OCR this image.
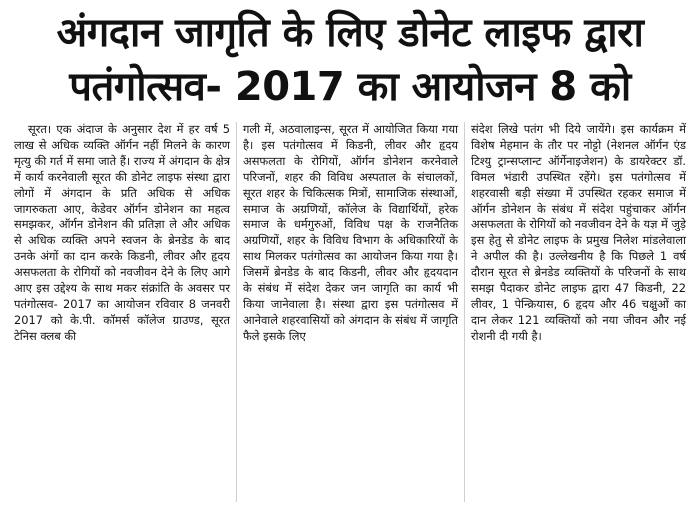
अंगदान जागृति के लिए डोनेट लाइफ द्वारा
पतंगोत्सव- 2017 का आयोजन 8 को

सूरत। एक अंदाज के अनुसार देश में हर वर्ष 5 लाख से अधिक व्यक्ति ऑर्गन नहीं मिलने के कारण मृत्यु की गर्त में समा जाते हैं। राज्य में अंगदान के क्षेत्र में कार्य करनेवाली सूरत की डोनेट लाइफ संस्था द्वारा लोगों में अंगदान के प्रति अधिक से अधिक जागरुकता आए, केडेवर ऑर्गन डोनेशन का महत्व समझकर, ऑर्गन डोनेशन की प्रतिज्ञा ले और अधिक से अधिक व्यक्ति अपने स्वजन के ब्रेनडेड के बाद उनके अंगों का दान करके किडनी, लीवर और हृदय असफलता के रोगियों को नवजीवन देने के लिए आगे आए इस उद्देश्य के साथ मकर संक्रांति के अवसर पर पतंगोत्सव- 2017 का आयोजन रविवार 8 जनवरी 2017 को के.पी. कॉमर्स कॉलेज ग्राउण्ड, सूरत टेनिस क्लब की

गली में, अठवालाइन्स, सूरत में आयोजित किया गया है। इस पतंगोत्सव में किडनी, लीवर और हृदय असफलता के रोगियों, ऑर्गन डोनेशन करनेवाले परिजनों, शहर की विविध अस्पताल के संचालकों, सूरत शहर के चिकित्सक मित्रों, सामाजिक संस्थाओं, समाज के अग्रणियों, कॉलेज के विद्यार्थियों, हरेक समाज के धर्मगुरुओं, विविध पक्ष के राजनैतिक अग्रणियों, शहर के विविध विभाग के अधिकारियों के साथ मिलकर पतंगोत्सव का आयोजन किया गया है। जिसमें ब्रेनडेड के बाद किडनी, लीवर और हृदयदान के संबंध में संदेश देकर जन जागृति का कार्य भी किया जानेवाला है। संस्था द्वारा इस पतंगोत्सव में आनेवाले शहरवासियों को अंगदान के संबंध में जागृति फैले इसके लिए

संदेश लिखे पतंग भी दिये जायेंगे। इस कार्यक्रम में विशेष मेहमान के तौर पर नोट्टो (नेशनल ऑर्गन एंड टिश्यु ट्रान्सप्लान्ट ऑर्गेनाइजेशन) के डायरेक्टर डॉ. विमल भंडारी उपस्थित रहेंगे। इस पतंगोत्सव में शहरवासी बड़ी संख्या में उपस्थित रहकर समाज में ऑर्गन डोनेशन के संबंध में संदेश पहुंचाकर ऑर्गन असफलता के रोगियों को नवजीवन देने के यज्ञ में जुड़े इस हेतु से डोनेट लाइफ के प्रमुख निलेश मांडलेवाला ने अपील की है। उल्लेखनीय है कि पिछले 1 वर्ष दौरान सूरत से ब्रेनडेड व्यक्तियों के परिजनों के साथ समझ पैदाकर डोनेट लाइफ द्वारा 47 किडनी, 22 लीवर, 1 पेन्क्रियास, 6 हृदय और 46 चक्षुओं का दान लेकर 121 व्यक्तियों को नया जीवन और नई रोशनी दी गयी है।
